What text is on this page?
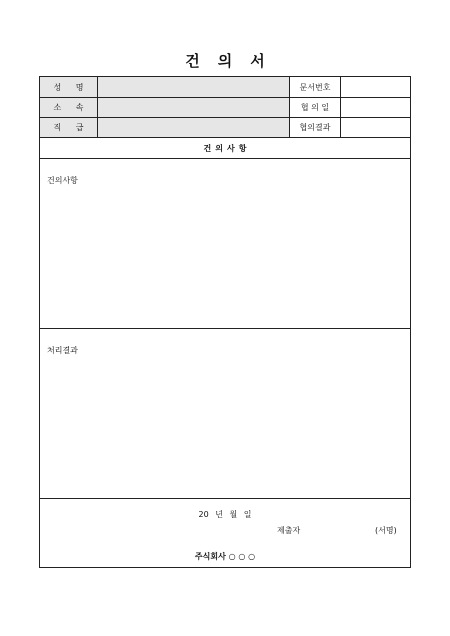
건의서
성 명	문서번호
소 속	협 의 일
직 급	협의결과
건의사항
건의사항
처리결과
20 년 월 일
제출자	(서명)
주식회사 ○ ○ ○
